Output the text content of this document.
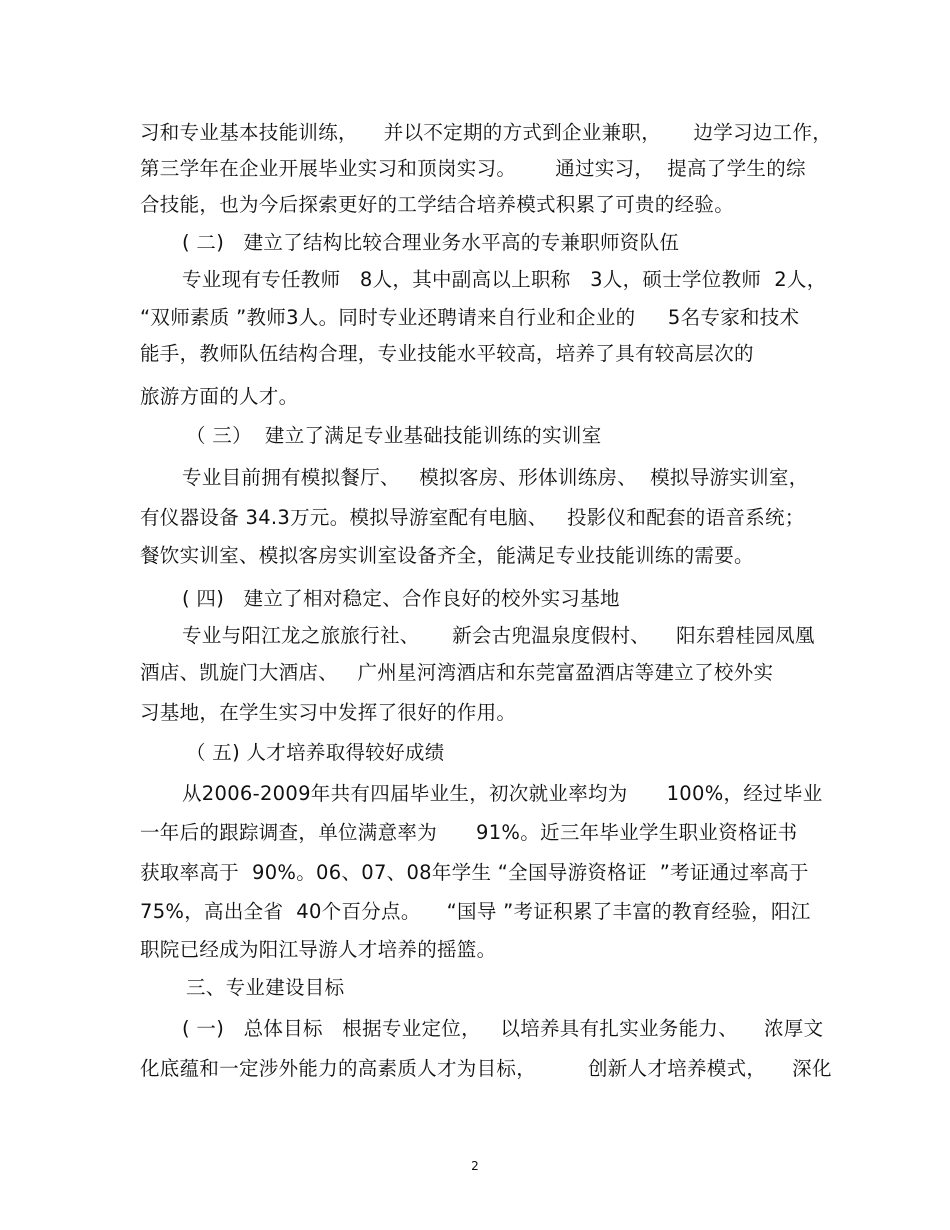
习和专业基本技能训练，    并以不定期的方式到企业兼职，     边学习边工作，
第三学年在企业开展毕业实习和顶岗实习。      通过实习，  提高了学生的综
合技能，也为今后探索更好的工学结合培养模式积累了可贵的经验。
( 二)   建立了结构比较合理业务水平高的专兼职师资队伍
专业现有专任教师   8人，其中副高以上职称   3人，硕士学位教师  2人，
“双师素质 ”教师3人。同时专业还聘请来自行业和企业的     5名专家和技术
能手，教师队伍结构合理，专业技能水平较高，培养了具有较高层次的
旅游方面的人才。
（ 三）  建立了满足专业基础技能训练的实训室
专业目前拥有模拟餐厅、   模拟客房、形体训练房、  模拟导游实训室，
有仪器设备 34.3万元。模拟导游室配有电脑、   投影仪和配套的语音系统；
餐饮实训室、模拟客房实训室设备齐全，能满足专业技能训练的需要。
( 四)   建立了相对稳定、合作良好的校外实习基地
专业与阳江龙之旅旅行社、     新会古兜温泉度假村、    阳东碧桂园凤凰
酒店、凯旋门大酒店、   广州星河湾酒店和东莞富盈酒店等建立了校外实
习基地，在学生实习中发挥了很好的作用。
（ 五) 人才培养取得较好成绩
从2006-2009年共有四届毕业生，初次就业率均为      100%，经过毕业
一年后的跟踪调查，单位满意率为      91%。近三年毕业学生职业资格证书
获取率高于  90%。06、07、08年学生 “全国导游资格证  ”考证通过率高于
75%，高出全省  40个百分点。    “国导 ”考证积累了丰富的教育经验，阳江
职院已经成为阳江导游人才培养的摇篮。
三、专业建设目标
( 一)   总体目标   根据专业定位，   以培养具有扎实业务能力、    浓厚文
化底蕴和一定涉外能力的高素质人才为目标，        创新人才培养模式，    深化
2
